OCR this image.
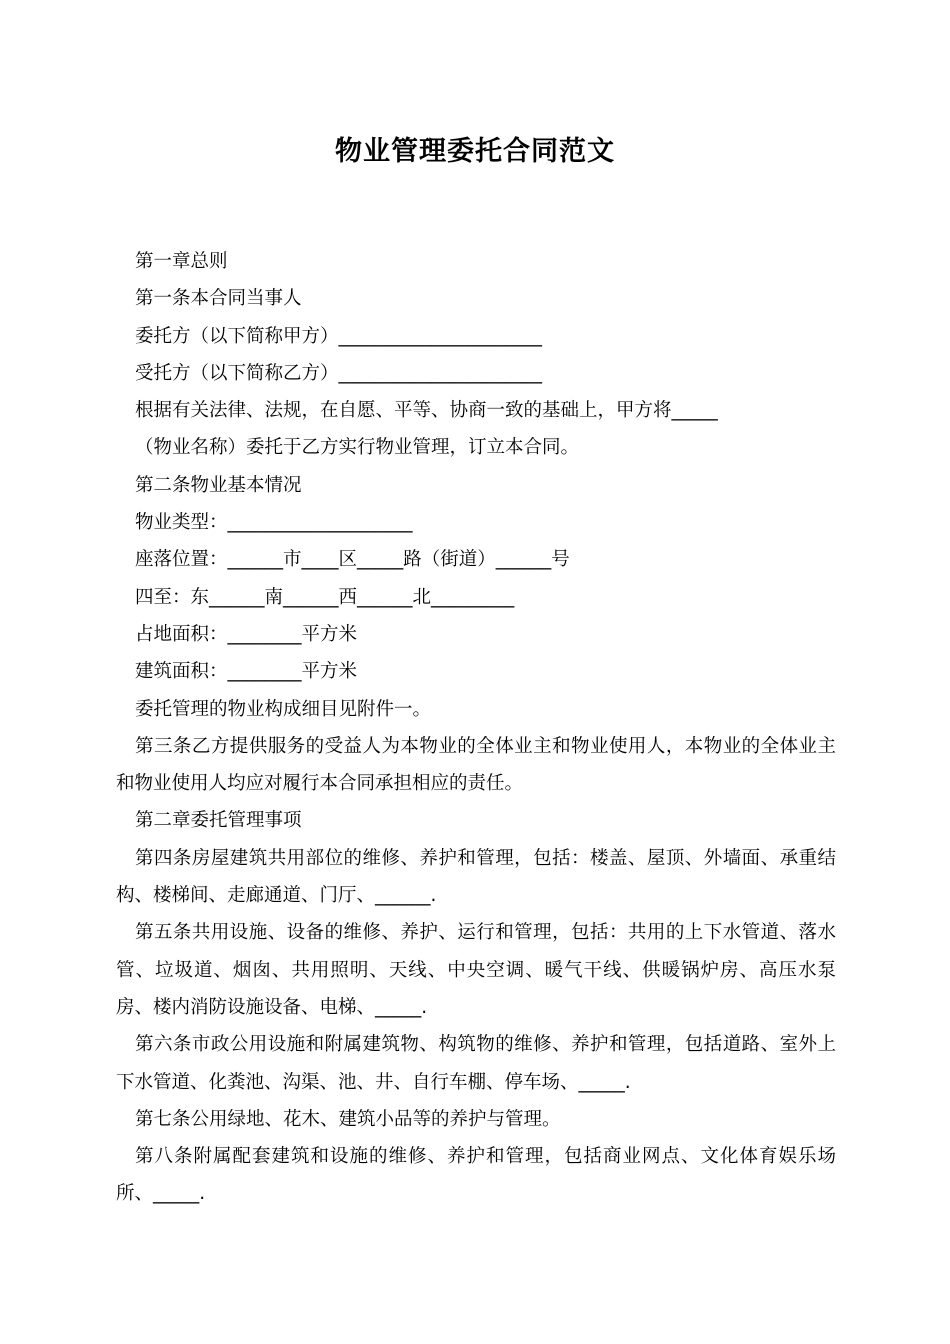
物业管理委托合同范文

第一章总则

第一条本合同当事人

委托方（以下简称甲方）______________________

受托方（以下简称乙方）______________________

根据有关法律、法规，在自愿、平等、协商一致的基础上，甲方将_____

（物业名称）委托于乙方实行物业管理，订立本合同。

第二条物业基本情况

物业类型：____________________

座落位置：______市____区_____路（街道）______号

四至：东______南______西______北_________

占地面积：________平方米

建筑面积：________平方米

委托管理的物业构成细目见附件一。

第三条乙方提供服务的受益人为本物业的全体业主和物业使用人，本物业的全体业主和物业使用人均应对履行本合同承担相应的责任。

第二章委托管理事项

第四条房屋建筑共用部位的维修、养护和管理，包括：楼盖、屋顶、外墙面、承重结构、楼梯间、走廊通道、门厅、______.

第五条共用设施、设备的维修、养护、运行和管理，包括：共用的上下水管道、落水管、垃圾道、烟囱、共用照明、天线、中央空调、暖气干线、供暖锅炉房、高压水泵房、楼内消防设施设备、电梯、_____.

第六条市政公用设施和附属建筑物、构筑物的维修、养护和管理，包括道路、室外上下水管道、化粪池、沟渠、池、井、自行车棚、停车场、_____.

第七条公用绿地、花木、建筑小品等的养护与管理。

第八条附属配套建筑和设施的维修、养护和管理，包括商业网点、文化体育娱乐场所、_____.
